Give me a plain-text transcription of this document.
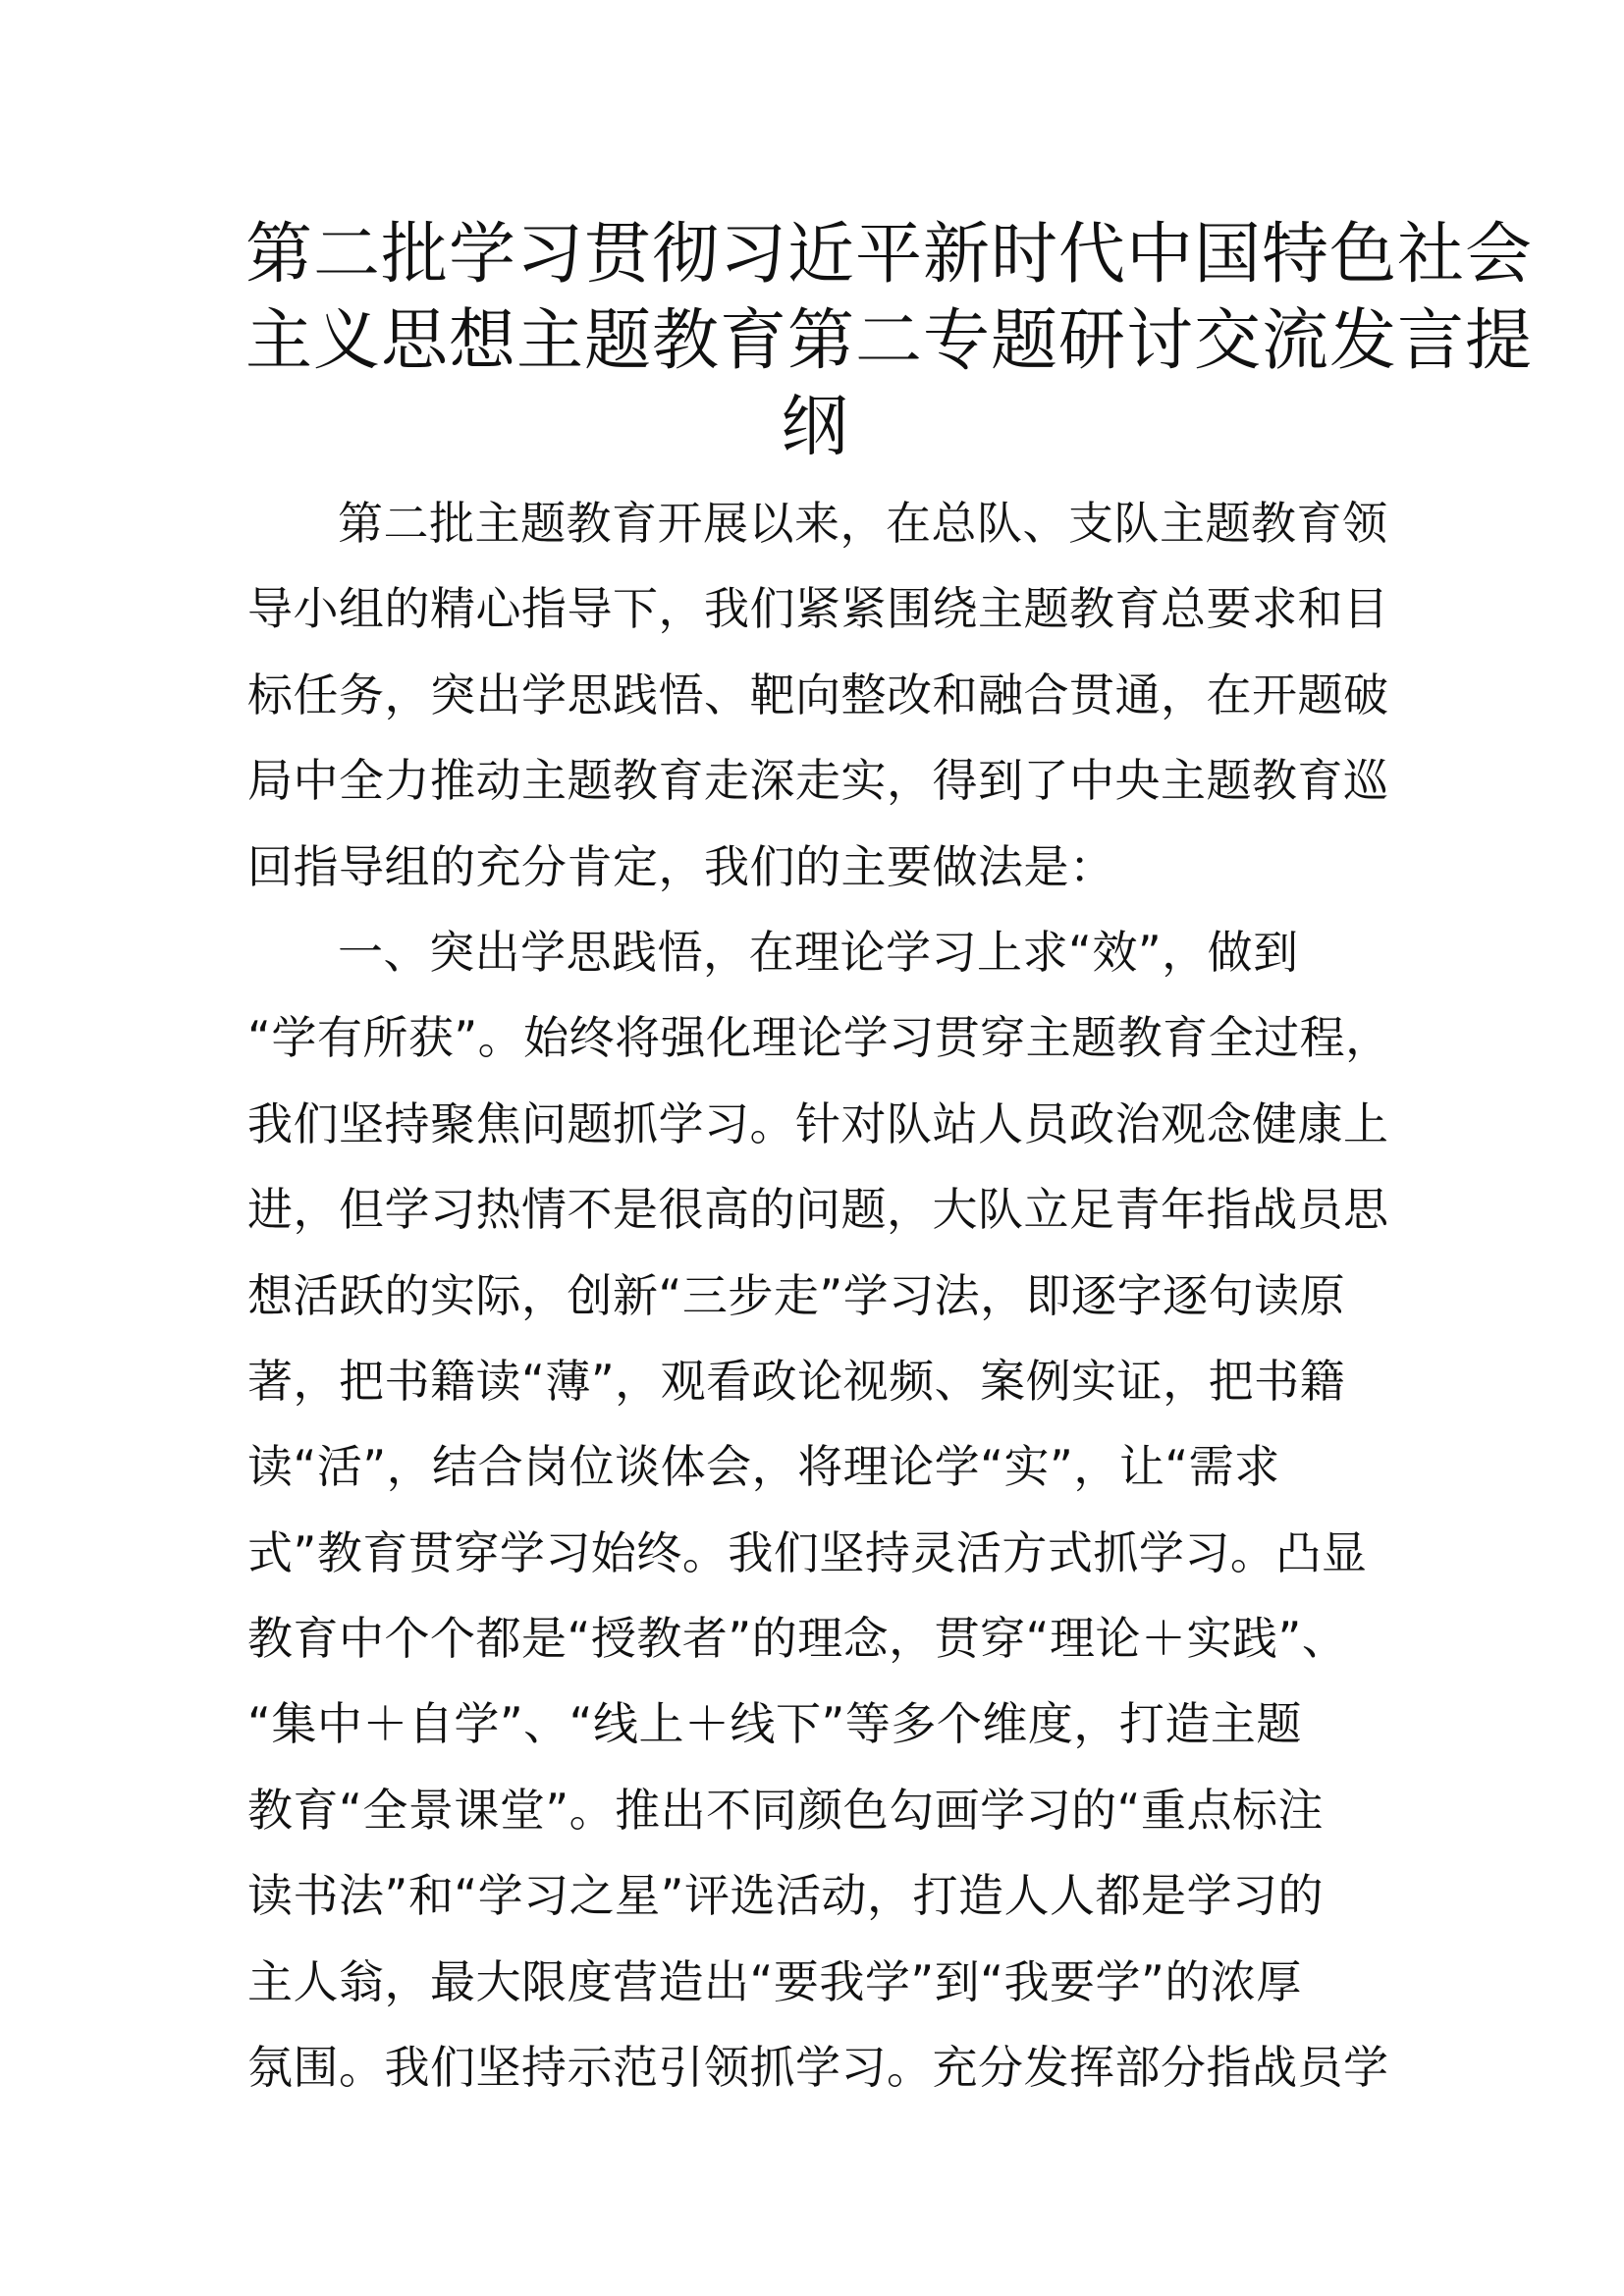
第二批学习贯彻习近平新时代中国特色社会
主义思想主题教育第二专题研讨交流发言提
纲

第二批主题教育开展以来，在总队、支队主题教育领
导小组的精心指导下，我们紧紧围绕主题教育总要求和目
标任务，突出学思践悟、靶向整改和融合贯通，在开题破
局中全力推动主题教育走深走实，得到了中央主题教育巡
回指导组的充分肯定，我们的主要做法是：

一、突出学思践悟，在理论学习上求“效”，做到
“学有所获”。始终将强化理论学习贯穿主题教育全过程，
我们坚持聚焦问题抓学习。针对队站人员政治观念健康上
进，但学习热情不是很高的问题，大队立足青年指战员思
想活跃的实际，创新“三步走”学习法，即逐字逐句读原
著，把书籍读“薄”，观看政论视频、案例实证，把书籍
读“活”，结合岗位谈体会，将理论学“实”，让“需求
式”教育贯穿学习始终。我们坚持灵活方式抓学习。凸显
教育中个个都是“授教者”的理念，贯穿“理论＋实践”、
“集中＋自学”、“线上＋线下”等多个维度，打造主题
教育“全景课堂”。推出不同颜色勾画学习的“重点标注
读书法”和“学习之星”评选活动，打造人人都是学习的
主人翁，最大限度营造出“要我学”到“我要学”的浓厚
氛围。我们坚持示范引领抓学习。充分发挥部分指战员学
